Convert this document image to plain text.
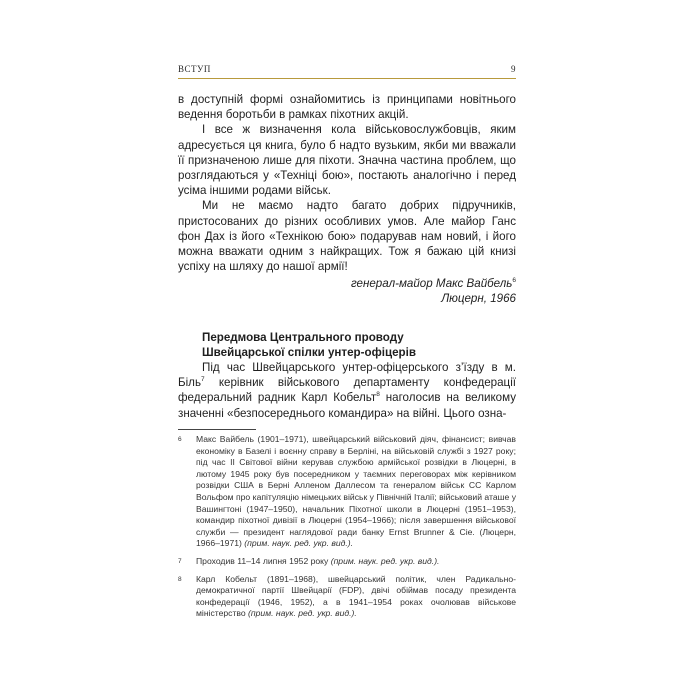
ВСТУП	9

в доступній формі ознайомитись із принципами новітнього ведення боротьби в рамках піхотних акцій.

І все ж визначення кола військовослужбовців, яким адресується ця книга, було б надто вузьким, якби ми вважали її призначеною лише для піхоти. Значна частина проблем, що розглядаються у «Техніці бою», постають аналогічно і перед усіма іншими родами військ.

Ми не маємо надто багато добрих підручників, пристосованих до різних особливих умов. Але майор Ганс фон Дах із його «Технікою бою» подарував нам новий, і його можна вважати одним з найкращих. Тож я бажаю цій книзі успіху на шляху до нашої армії!

генерал-майор Макс Вайбель$^6$
Люцерн, 1966
Передмова Центрального проводу
Швейцарської спілки унтер-офіцерів

Під час Швейцарського унтер-офіцерського з’їзду в м. Біль$^7$ керівник військового департаменту конфедерації федеральний радник Карл Кобельт$^8$ наголосив на великому значенні «безпосереднього командира» на війні. Цього озна-

6	Макс Вайбель (1901–1971), швейцарський військовий діяч, фінансист; вивчав економіку в Базелі і воєнну справу в Берліні, на військовій службі з 1927 року; під час ІІ Світової війни керував службою армійської розвідки в Люцерні, в лютому 1945 року був посередником у таємних переговорах між керівником розвідки США в Берні Алленом Даллесом та генералом військ СС Карлом Вольфом про капітуляцію німецьких військ у Північній Італії; військовий аташе у Вашингтоні (1947–1950), начальник Піхотної школи в Люцерні (1951–1953), командир піхотної дивізії в Люцерні (1954–1966); після завершення військової служби — президент наглядової ради банку Ernst Brunner & Cie. (Люцерн, 1966–1971) (прим. наук. ред. укр. вид.).
7	Проходив 11–14 липня 1952 року (прим. наук. ред. укр. вид.).
8	Карл Кобельт (1891–1968), швейцарський політик, член Радикально-демократичної партії Швейцарії (FDP), двічі обіймав посаду президента конфедерації (1946, 1952), а в 1941–1954 роках очолював військове міністерство (прим. наук. ред. укр. вид.).
